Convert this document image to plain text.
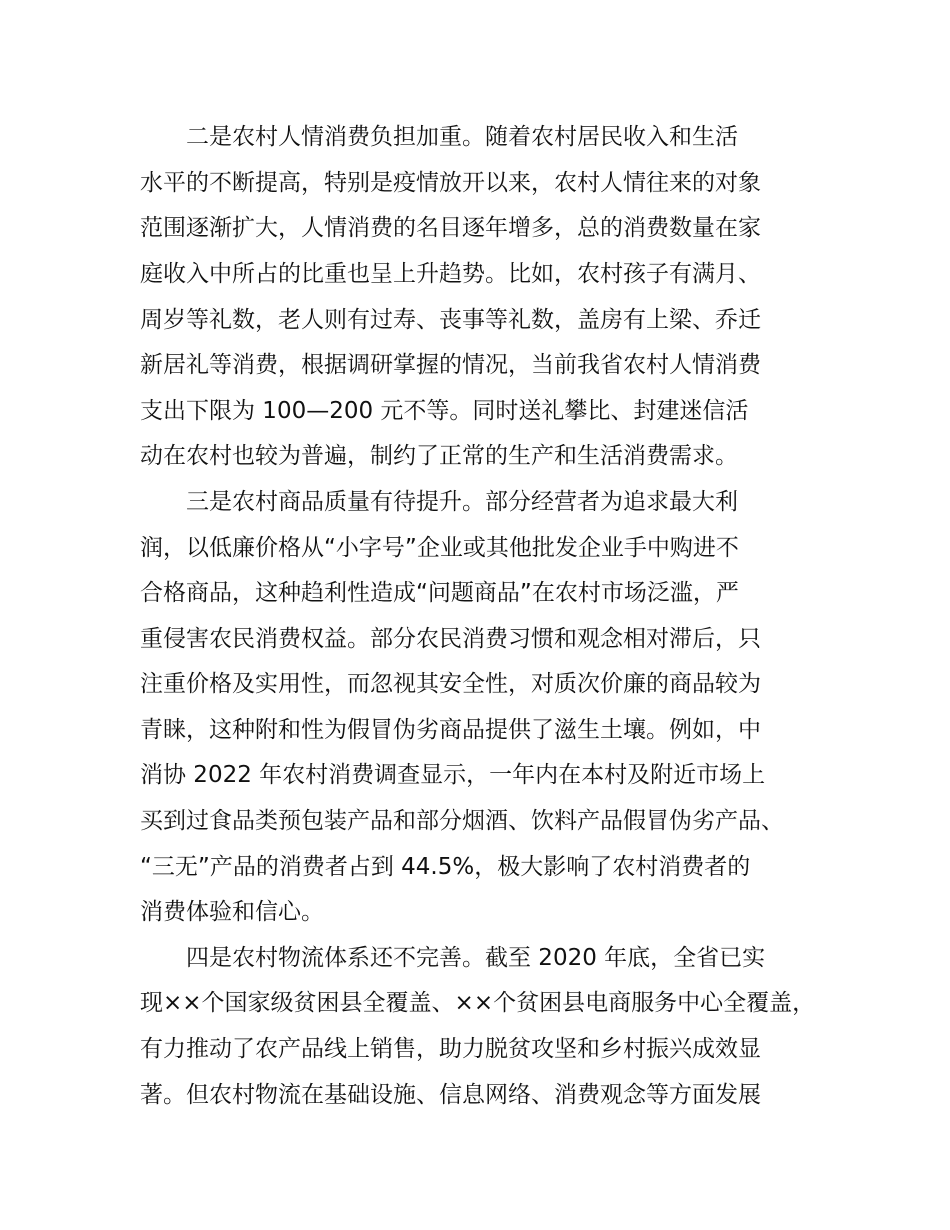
二是农村人情消费负担加重。随着农村居民收入和生活
水平的不断提高，特别是疫情放开以来，农村人情往来的对象
范围逐渐扩大，人情消费的名目逐年增多，总的消费数量在家
庭收入中所占的比重也呈上升趋势。比如，农村孩子有满月、
周岁等礼数，老人则有过寿、丧事等礼数，盖房有上梁、乔迁
新居礼等消费，根据调研掌握的情况，当前我省农村人情消费
支出下限为 100—200 元不等。同时送礼攀比、封建迷信活
动在农村也较为普遍，制约了正常的生产和生活消费需求。
三是农村商品质量有待提升。部分经营者为追求最大利
润，以低廉价格从“小字号”企业或其他批发企业手中购进不
合格商品，这种趋利性造成“问题商品”在农村市场泛滥，严
重侵害农民消费权益。部分农民消费习惯和观念相对滞后，只
注重价格及实用性，而忽视其安全性，对质次价廉的商品较为
青睐，这种附和性为假冒伪劣商品提供了滋生土壤。例如，中
消协 2022 年农村消费调查显示，一年内在本村及附近市场上
买到过食品类预包装产品和部分烟酒、饮料产品假冒伪劣产品、
“三无”产品的消费者占到 44.5%，极大影响了农村消费者的
消费体验和信心。
四是农村物流体系还不完善。截至 2020 年底，全省已实
现××个国家级贫困县全覆盖、××个贫困县电商服务中心全覆盖，
有力推动了农产品线上销售，助力脱贫攻坚和乡村振兴成效显
著。但农村物流在基础设施、信息网络、消费观念等方面发展
